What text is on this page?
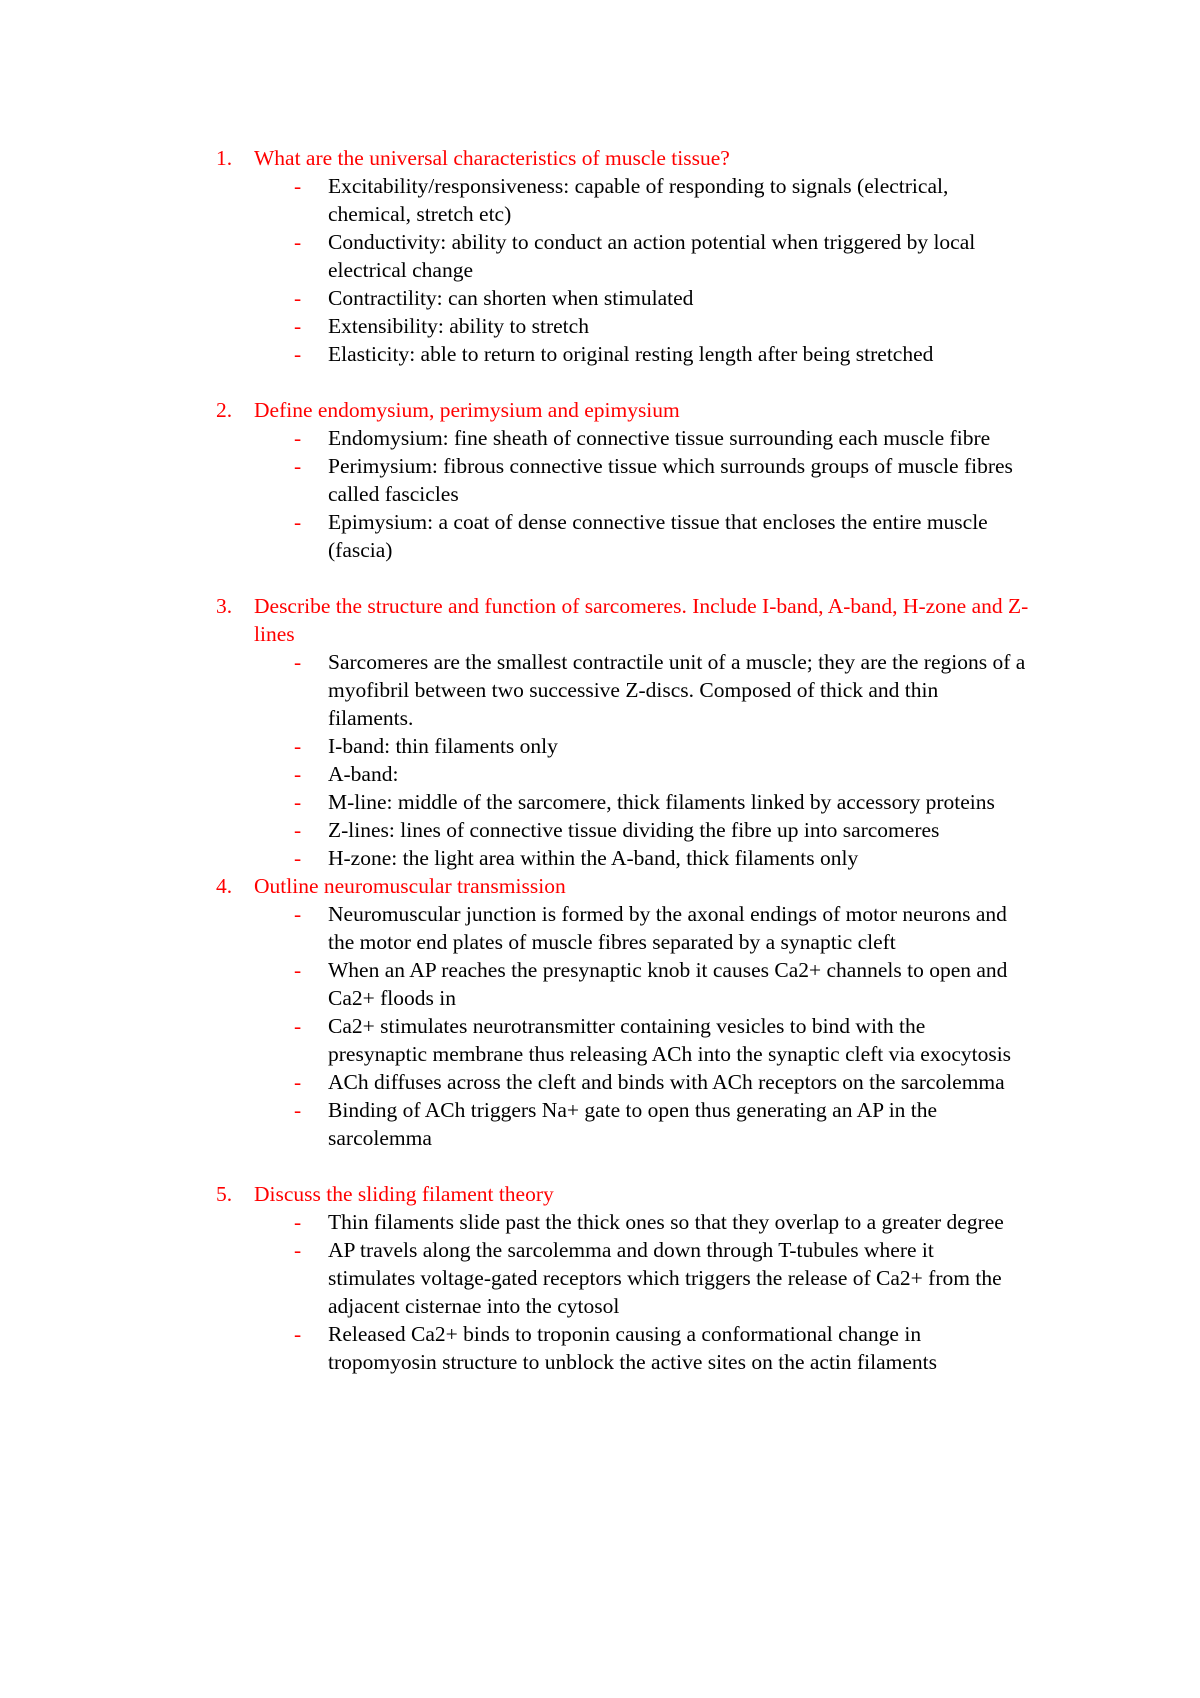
1.	What are the universal characteristics of muscle tissue?
-	Excitability/responsiveness: capable of responding to signals (electrical, chemical, stretch etc)
-	Conductivity: ability to conduct an action potential when triggered by local electrical change
-	Contractility: can shorten when stimulated
-	Extensibility: ability to stretch
-	Elasticity: able to return to original resting length after being stretched
2.	Define endomysium, perimysium and epimysium
-	Endomysium: fine sheath of connective tissue surrounding each muscle fibre
-	Perimysium: fibrous connective tissue which surrounds groups of muscle fibres called fascicles
-	Epimysium: a coat of dense connective tissue that encloses the entire muscle (fascia)
3.	Describe the structure and function of sarcomeres. Include I-band, A-band, H-zone and Z-lines
-	Sarcomeres are the smallest contractile unit of a muscle; they are the regions of a myofibril between two successive Z-discs. Composed of thick and thin filaments.
-	I-band: thin filaments only
-	A-band:
-	M-line: middle of the sarcomere, thick filaments linked by accessory proteins
-	Z-lines: lines of connective tissue dividing the fibre up into sarcomeres
-	H-zone: the light area within the A-band, thick filaments only
4.	Outline neuromuscular transmission
-	Neuromuscular junction is formed by the axonal endings of motor neurons and the motor end plates of muscle fibres separated by a synaptic cleft
-	When an AP reaches the presynaptic knob it causes Ca2+ channels to open and Ca2+ floods in
-	Ca2+ stimulates neurotransmitter containing vesicles to bind with the presynaptic membrane thus releasing ACh into the synaptic cleft via exocytosis
-	ACh diffuses across the cleft and binds with ACh receptors on the sarcolemma
-	Binding of ACh triggers Na+ gate to open thus generating an AP in the sarcolemma
5.	Discuss the sliding filament theory
-	Thin filaments slide past the thick ones so that they overlap to a greater degree
-	AP travels along the sarcolemma and down through T-tubules where it stimulates voltage-gated receptors which triggers the release of Ca2+ from the adjacent cisternae into the cytosol
-	Released Ca2+ binds to troponin causing a conformational change in tropomyosin structure to unblock the active sites on the actin filaments
